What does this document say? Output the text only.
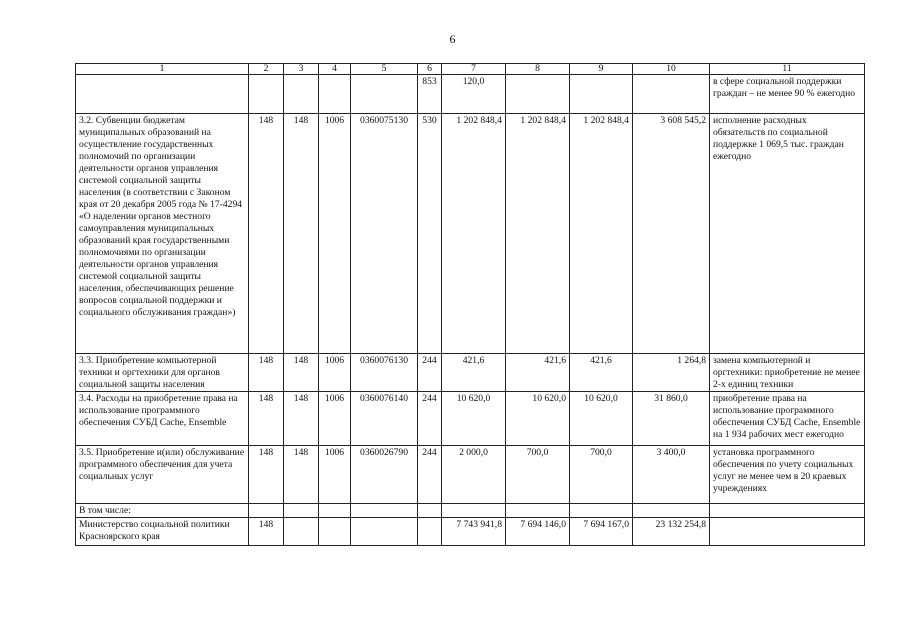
6
1	2	3	4	5	6	7	8	9	10	11
					853	120,0				в сфере социальной поддержки граждан – не менее 90 % ежегодно
3.2. Субвенции бюджетам муниципальных образований на осуществление государственных полномочий по организации деятельности органов управления системой социальной защиты населения (в соответствии с Законом края от 20 декабря 2005 года № 17-4294 «О наделении органов местного самоуправления муниципальных образований края государственными полномочиями по организации деятельности органов управления системой социальной защиты населения, обеспечивающих решение вопросов социальной поддержки и социального обслуживания граждан»)	148	148	1006	0360075130	530	1 202 848,4	1 202 848,4	1 202 848,4	3 608 545,2	исполнение расходных обязательств по социальной поддержке 1 069,5 тыс. граждан ежегодно
3.3. Приобретение компьютерной техники и оргтехники для органов социальной защиты населения	148	148	1006	0360076130	244	421,6	421,6	421,6	1 264,8	замена компьютерной и оргтехники: приобретение не менее 2-х единиц техники
3.4. Расходы на приобретение права на использование программного обеспечения СУБД Cache, Ensemble	148	148	1006	0360076140	244	10 620,0	10 620,0	10 620,0	31 860,0	приобретение права на использование программного обеспечения СУБД Cache, Ensemble на 1 934 рабочих мест ежегодно
3.5. Приобретение и(или) обслуживание программного обеспечения для учета социальных услуг	148	148	1006	0360026790	244	2 000,0	700,0	700,0	3 400,0	установка программного обеспечения по учету социальных услуг не менее чем в 20 краевых учреждениях
В том числе:										
Министерство социальной политики Красноярского края	148					7 743 941,8	7 694 146,0	7 694 167,0	23 132 254,8	
